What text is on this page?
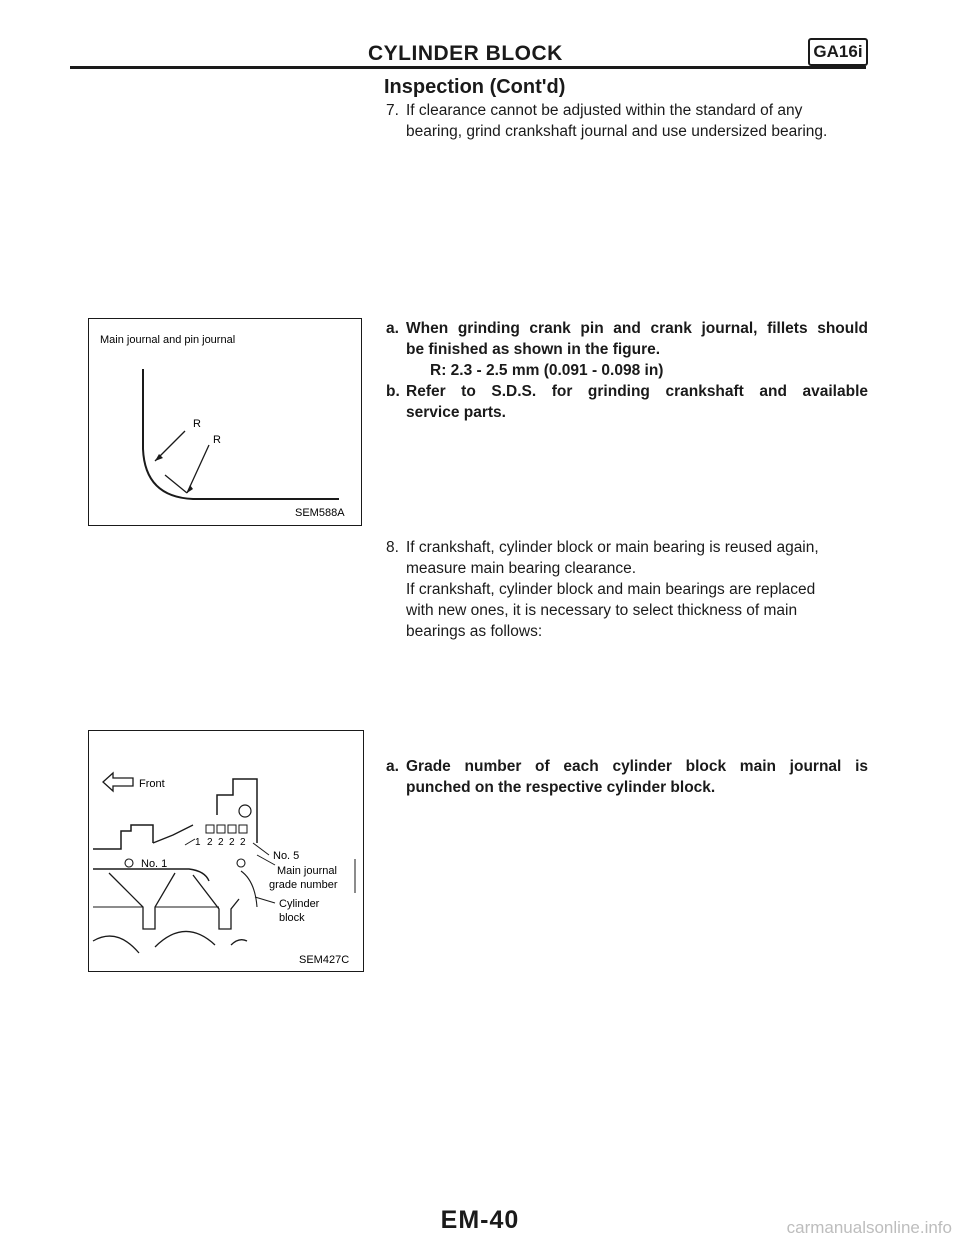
CYLINDER BLOCK	GA16i
Inspection (Cont'd)
7. If clearance cannot be adjusted within the standard of any
bearing, grind crankshaft journal and use undersized bearing.
Main journal and pin journal
R
R
SEM588A
a. When grinding crank pin and crank journal, fillets should
be finished as shown in the figure.
R: 2.3 - 2.5 mm (0.091 - 0.098 in)
b. Refer to S.D.S. for grinding crankshaft and available
service parts.
8. If crankshaft, cylinder block or main bearing is reused again,
measure main bearing clearance.
If crankshaft, cylinder block and main bearings are replaced
with new ones, it is necessary to select thickness of main
bearings as follows:
Front
1 2 2 2 2
No. 1
No. 5
Main journal
grade number
Cylinder
block
SEM427C
a. Grade number of each cylinder block main journal is
punched on the respective cylinder block.
EM-40	carmanualsonline.info
